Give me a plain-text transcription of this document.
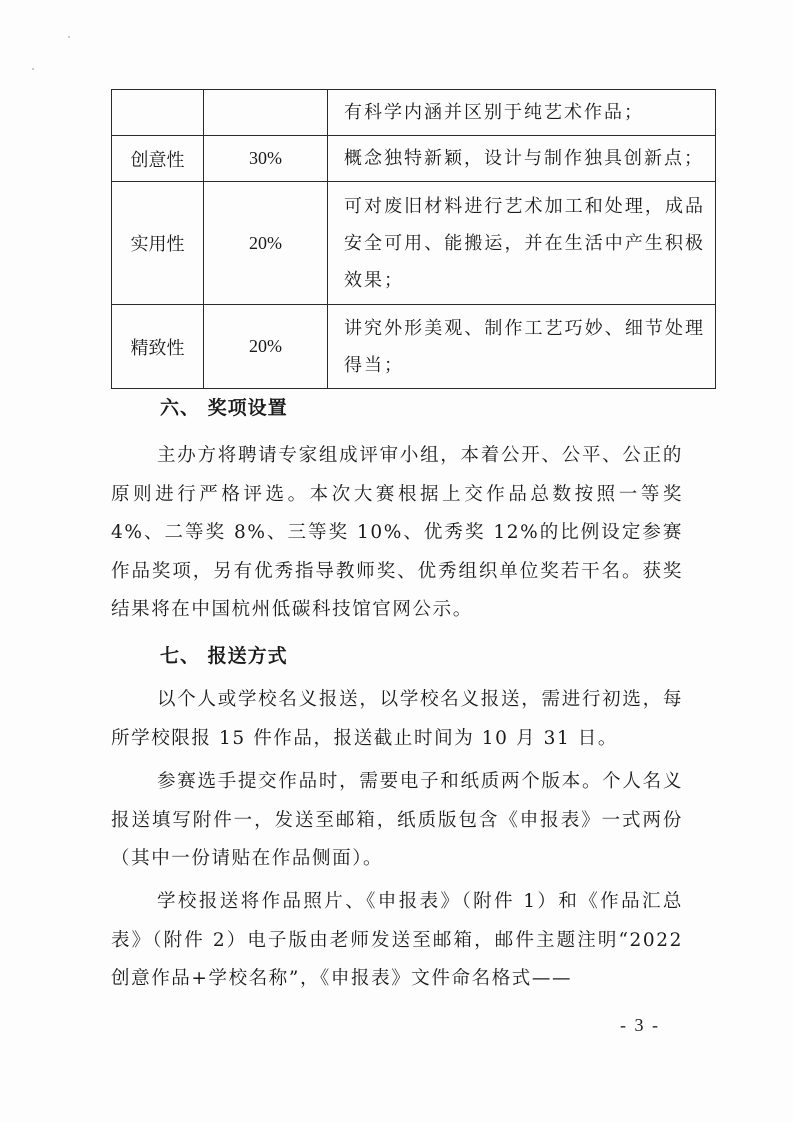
		有科学内涵并区别于纯艺术作品；
创意性	30%	概念独特新颖，设计与制作独具创新点；
实用性	20%	可对废旧材料进行艺术加工和处理，成品安全可用、能搬运，并在生活中产生积极效果；
精致性	20%	讲究外形美观、制作工艺巧妙、细节处理得当；
六、 奖项设置
主办方将聘请专家组成评审小组，本着公开、公平、公正的原则进行严格评选。本次大赛根据上交作品总数按照一等奖 4%、二等奖 8%、三等奖 10%、优秀奖 12%的比例设定参赛作品奖项，另有优秀指导教师奖、优秀组织单位奖若干名。获奖结果将在中国杭州低碳科技馆官网公示。
七、 报送方式
以个人或学校名义报送，以学校名义报送，需进行初选，每所学校限报 15 件作品，报送截止时间为 10 月 31 日。
参赛选手提交作品时，需要电子和纸质两个版本。个人名义报送填写附件一，发送至邮箱，纸质版包含《申报表》一式两份（其中一份请贴在作品侧面）。
学校报送将作品照片、《申报表》（附件 1）和《作品汇总表》（附件 2）电子版由老师发送至邮箱，邮件主题注明“2022 创意作品+学校名称”，《申报表》文件命名格式——
- 3 -
